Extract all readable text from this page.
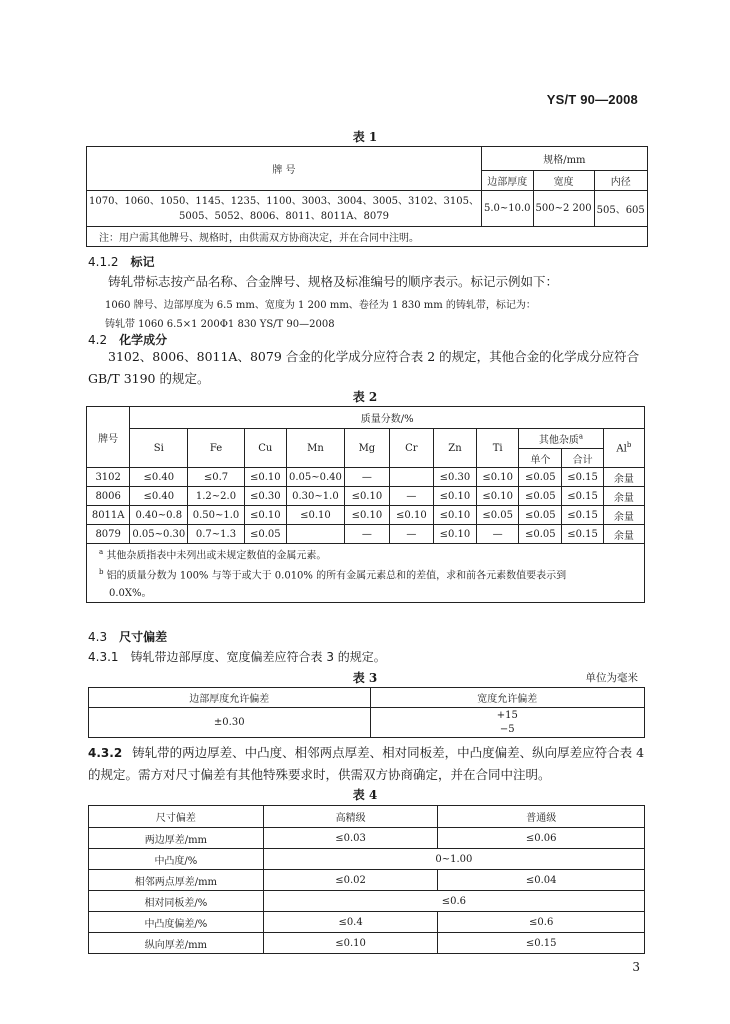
YS/T 90—2008
表 1
牌 号	规格/mm		
	边部厚度	宽度	内径

1070、1060、1050、1145、1235、1100、3003、3004、3005、3102、3105、
5005、5052、8006、8011、8011A、8079	5.0~10.0	500~2 200	505、605
注：用户需其他牌号、规格时，由供需双方协商决定，并在合同中注明。			
4.1.2 标记
铸轧带标志按产品名称、合金牌号、规格及标准编号的顺序表示。标记示例如下：
1060 牌号、边部厚度为 6.5 mm、宽度为 1 200 mm、卷径为 1 830 mm 的铸轧带，标记为：
铸轧带 1060 6.5×1 200Φ1 830 YS/T 90—2008
4.2 化学成分
3102、8006、8011A、8079 合金的化学成分应符合表 2 的规定，其他合金的化学成分应符合 GB/T 3190 的规定。
表 2
牌号	质量分数/%										
	Si	Fe	Cu	Mn	Mg	Cr	Zn	Ti	其他杂质$^a$		Al$^b$
									单个	合计	
3102	≤0.40	≤0.7	≤0.10	0.05~0.40	—		≤0.30	≤0.10	≤0.05	≤0.15	余量
8006	≤0.40	1.2~2.0	≤0.30	0.30~1.0	≤0.10	—	≤0.10	≤0.10	≤0.05	≤0.15	余量
8011A	0.40~0.8	0.50~1.0	≤0.10	≤0.10	≤0.10	≤0.10	≤0.10	≤0.05	≤0.05	≤0.15	余量
8079	0.05~0.30	0.7~1.3	≤0.05		—	—	≤0.10	—	≤0.05	≤0.15	余量

$^a$ 其他杂质指表中未列出或未规定数值的金属元素。
$^b$ 铝的质量分数为 100% 与等于或大于 0.010% 的所有金属元素总和的差值，求和前各元素数值要表示到
0.0X%。											
4.3 尺寸偏差
4.3.1 铸轧带边部厚度、宽度偏差应符合表 3 的规定。
表 3	单位为毫米
边部厚度允许偏差	宽度允许偏差
±0.30	+15
−5
4.3.2 铸轧带的两边厚差、中凸度、相邻两点厚差、相对同板差，中凸度偏差、纵向厚差应符合表 4 的规定。需方对尺寸偏差有其他特殊要求时，供需双方协商确定，并在合同中注明。
表 4
尺寸偏差	高精级	普通级
两边厚差/mm	≤0.03	≤0.06
中凸度/%	0~1.00	
相邻两点厚差/mm	≤0.02	≤0.04
相对同板差/%	≤0.6	
中凸度偏差/%	≤0.4	≤0.6
纵向厚差/mm	≤0.10	≤0.15
3
